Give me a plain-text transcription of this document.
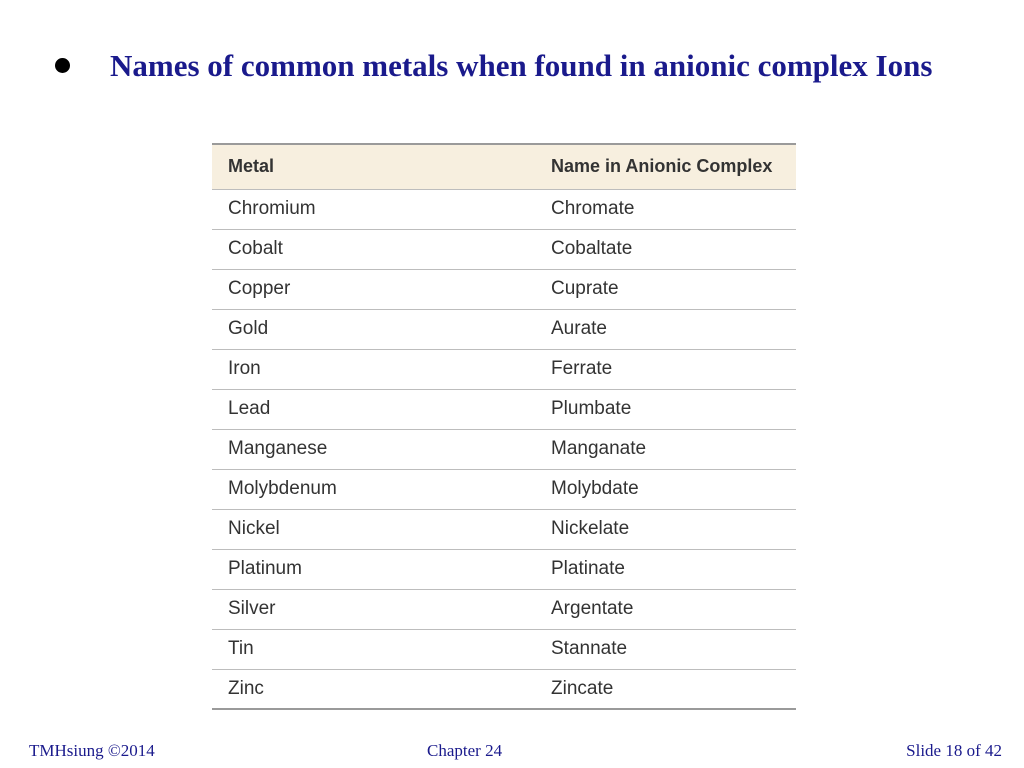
Names of common metals when found in anionic complex Ions
Metal	Name in Anionic Complex
Chromium	Chromate
Cobalt	Cobaltate
Copper	Cuprate
Gold	Aurate
Iron	Ferrate
Lead	Plumbate
Manganese	Manganate
Molybdenum	Molybdate
Nickel	Nickelate
Platinum	Platinate
Silver	Argentate
Tin	Stannate
Zinc	Zincate
TMHsiung ©2014	Chapter 24	Slide 18 of 42
